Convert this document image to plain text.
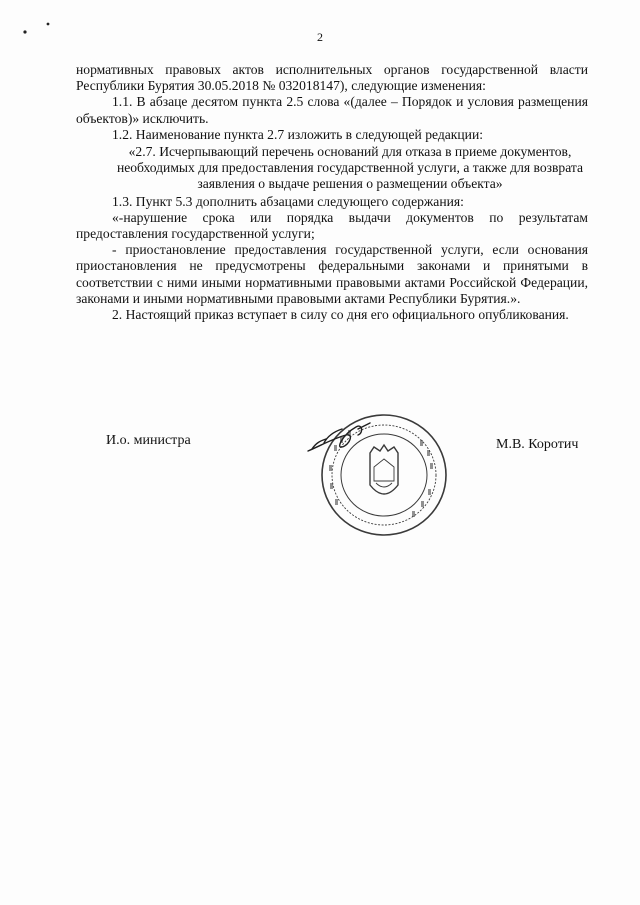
2

нормативных правовых актов исполнительных органов государственной власти Республики Бурятия 30.05.2018 № 032018147), следующие изменения:

1.1. В абзаце десятом пункта 2.5 слова «(далее – Порядок и условия размещения объектов)» исключить.

1.2. Наименование пункта 2.7 изложить в следующей редакции:

«2.7. Исчерпывающий перечень оснований для отказа в приеме документов, необходимых для предоставления государственной услуги, а также для возврата заявления о выдаче решения о размещении объекта»

1.3. Пункт 5.3 дополнить абзацами следующего содержания:

«-нарушение срока или порядка выдачи документов по результатам предоставления государственной услуги;

- приостановление предоставления государственной услуги, если основания приостановления не предусмотрены федеральными законами и принятыми в соответствии с ними иными нормативными правовыми актами Российской Федерации, законами и иными нормативными правовыми актами Республики Бурятия.».

2. Настоящий приказ вступает в силу со дня его официального опубликования.

И.о. министра	М.В. Коротич
